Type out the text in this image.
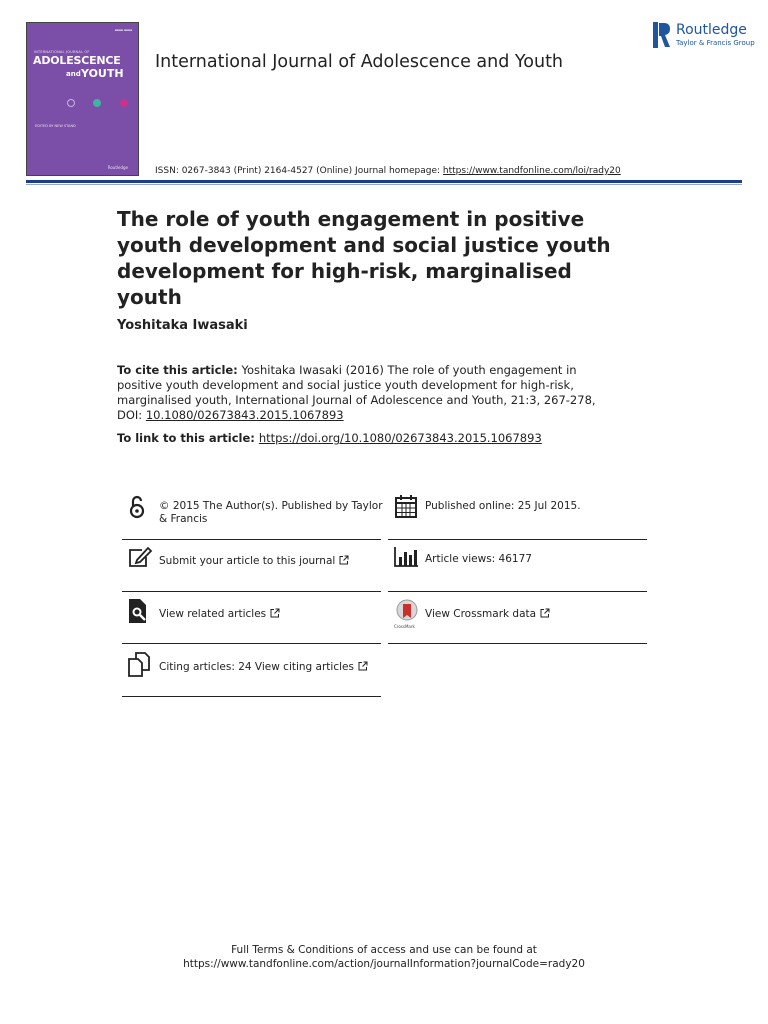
▪▪▪▪ ▪▪▪▪
INTERNATIONAL JOURNAL OF
ADOLESCENCE
and YOUTH
EDITED BY NEW STAND
Routledge
International Journal of Adolescence and Youth
Routledge
Taylor & Francis Group
ISSN: 0267-3843 (Print) 2164-4527 (Online) Journal homepage: https://www.tandfonline.com/loi/rady20
The role of youth engagement in positive youth development and social justice youth development for high-risk, marginalised youth
Yoshitaka Iwasaki
To cite this article: Yoshitaka Iwasaki (2016) The role of youth engagement in positive youth development and social justice youth development for high-risk, marginalised youth, International Journal of Adolescence and Youth, 21:3, 267-278, DOI: 10.1080/02673843.2015.1067893
To link to this article: https://doi.org/10.1080/02673843.2015.1067893
© 2015 The Author(s). Published by Taylor & Francis
Published online: 25 Jul 2015.
Submit your article to this journal	Article views: 46177
View related articles
CrossMark
View Crossmark data
Citing articles: 24 View citing articles
Full Terms & Conditions of access and use can be found at
https://www.tandfonline.com/action/journalInformation?journalCode=rady20
